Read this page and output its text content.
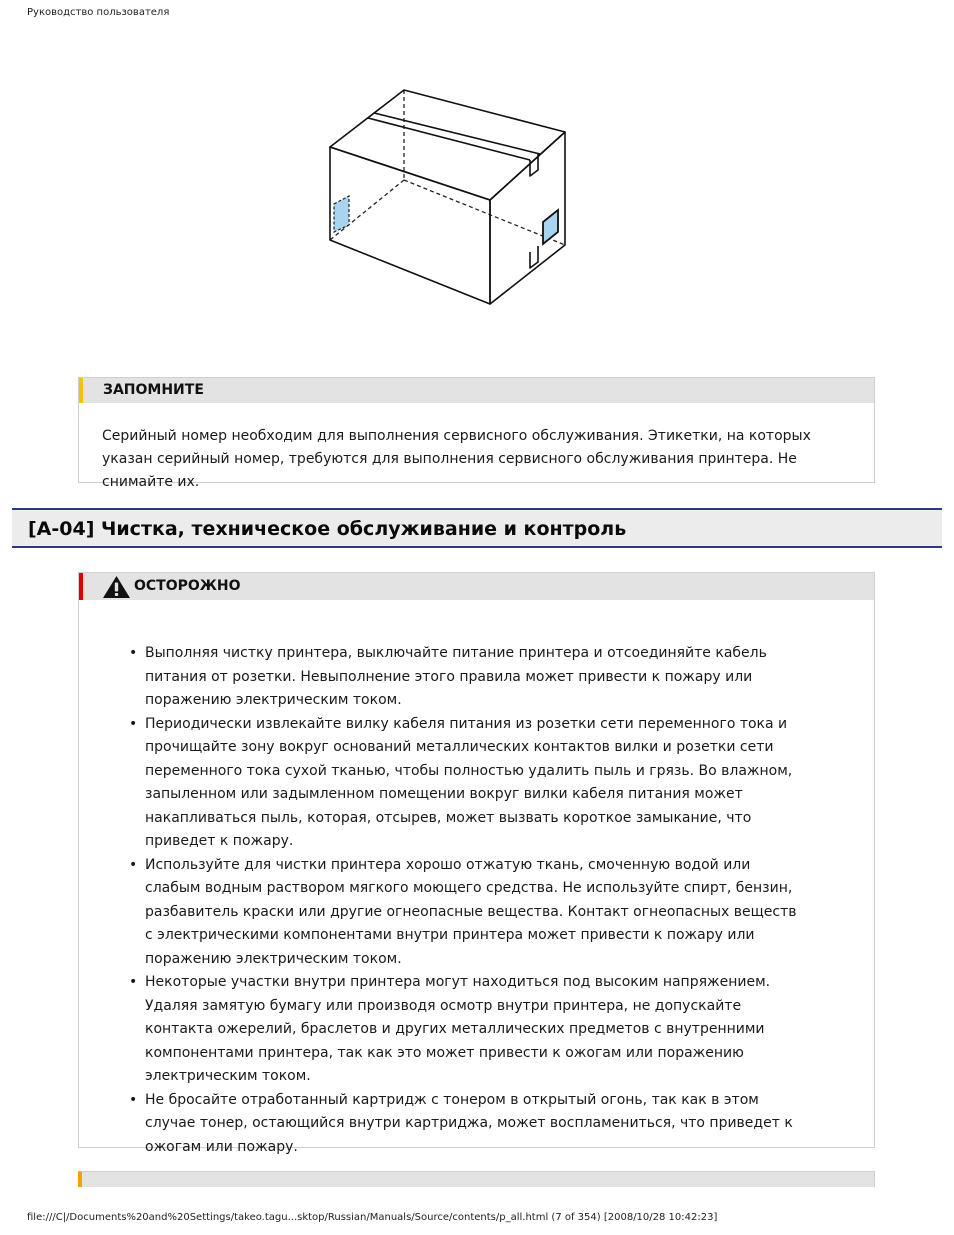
Руководство пользователя
ЗАПОМНИТЕ
Серийный номер необходим для выполнения сервисного обслуживания. Этикетки, на которых указан серийный номер, требуются для выполнения сервисного обслуживания принтера. Не снимайте их.
[A-04] Чистка, техническое обслуживание и контроль
ОСТОРОЖНО
• Выполняя чистку принтера, выключайте питание принтера и отсоединяйте кабель питания от розетки. Невыполнение этого правила может привести к пожару или поражению электрическим током.
• Периодически извлекайте вилку кабеля питания из розетки сети переменного тока и прочищайте зону вокруг оснований металлических контактов вилки и розетки сети переменного тока сухой тканью, чтобы полностью удалить пыль и грязь. Во влажном, запыленном или задымленном помещении вокруг вилки кабеля питания может накапливаться пыль, которая, отсырев, может вызвать короткое замыкание, что приведет к пожару.
• Используйте для чистки принтера хорошо отжатую ткань, смоченную водой или слабым водным раствором мягкого моющего средства. Не используйте спирт, бензин, разбавитель краски или другие огнеопасные вещества. Контакт огнеопасных веществ с электрическими компонентами внутри принтера может привести к пожару или поражению электрическим током.
• Некоторые участки внутри принтера могут находиться под высоким напряжением. Удаляя замятую бумагу или производя осмотр внутри принтера, не допускайте контакта ожерелий, браслетов и других металлических предметов с внутренними компонентами принтера, так как это может привести к ожогам или поражению электрическим током.
• Не бросайте отработанный картридж с тонером в открытый огонь, так как в этом случае тонер, остающийся внутри картриджа, может воспламениться, что приведет к ожогам или пожару.
file:///C|/Documents%20and%20Settings/takeo.tagu...sktop/Russian/Manuals/Source/contents/p_all.html (7 of 354) [2008/10/28 10:42:23]
